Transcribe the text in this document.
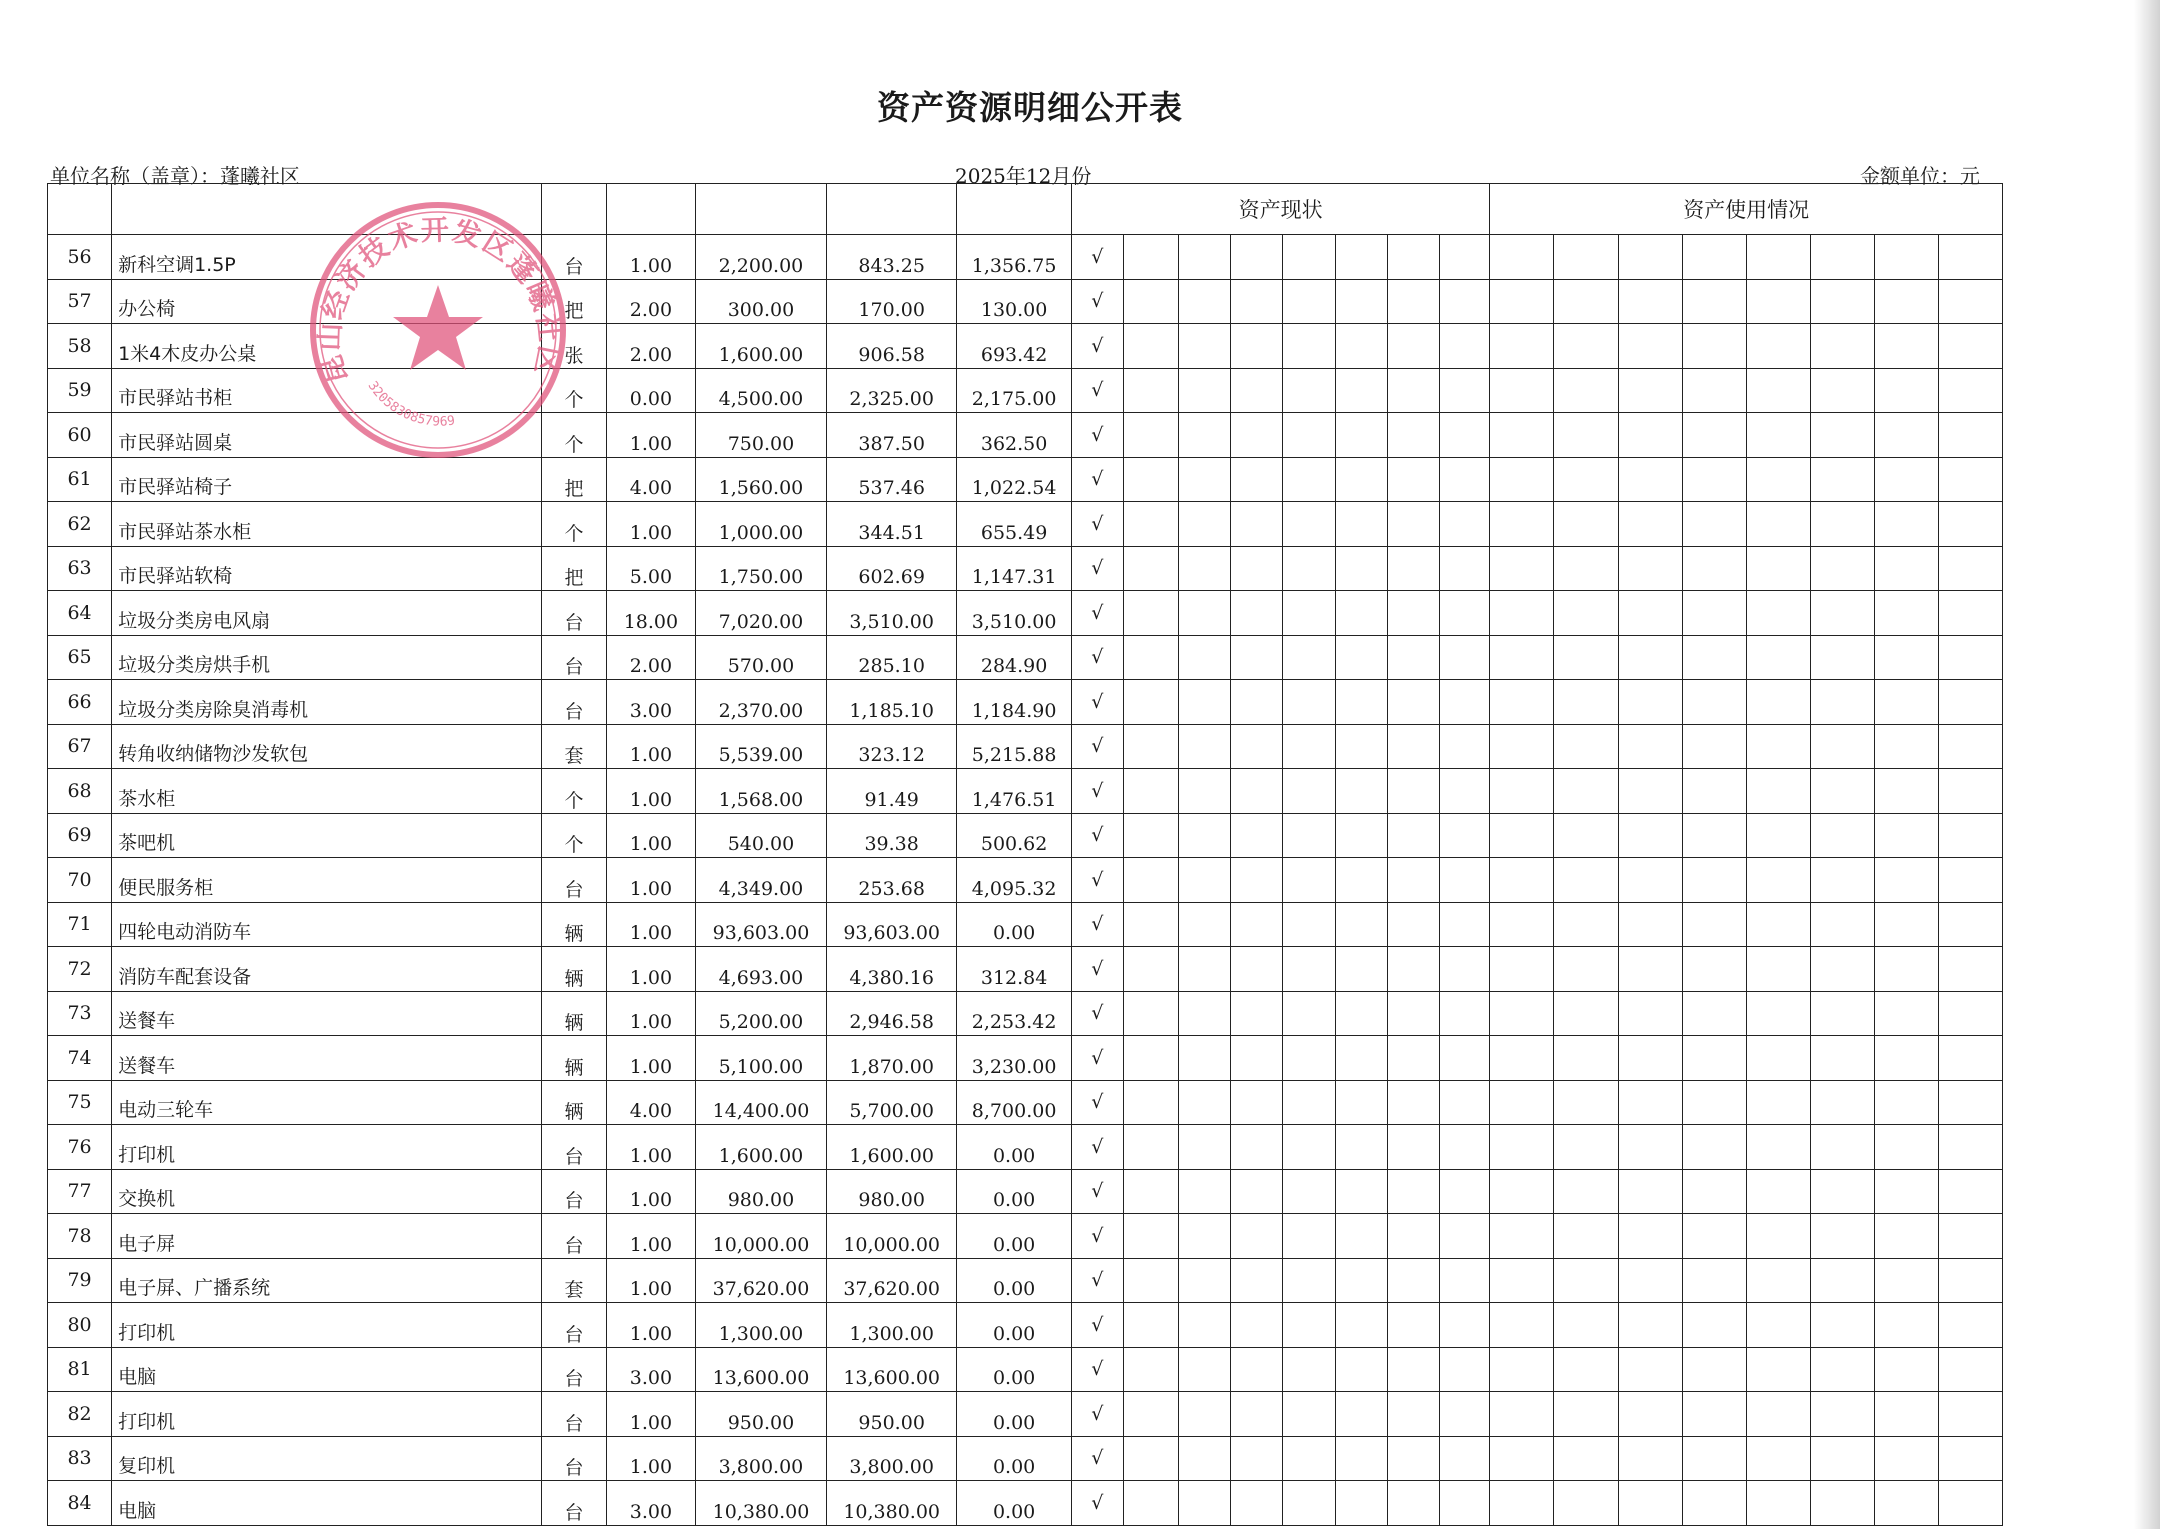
资产资源明细公开表
单位名称（盖章）：蓬曦社区	2025年12月份	金额单位：元
							资产现状								资产使用情况							
56	新科空调1.5P	台	1.00	2,200.00	843.25	1,356.75	√															
57	办公椅	把	2.00	300.00	170.00	130.00	√															
58	1米4木皮办公桌	张	2.00	1,600.00	906.58	693.42	√															
59	市民驿站书柜	个	0.00	4,500.00	2,325.00	2,175.00	√															
60	市民驿站圆桌	个	1.00	750.00	387.50	362.50	√															
61	市民驿站椅子	把	4.00	1,560.00	537.46	1,022.54	√															
62	市民驿站茶水柜	个	1.00	1,000.00	344.51	655.49	√															
63	市民驿站软椅	把	5.00	1,750.00	602.69	1,147.31	√															
64	垃圾分类房电风扇	台	18.00	7,020.00	3,510.00	3,510.00	√															
65	垃圾分类房烘手机	台	2.00	570.00	285.10	284.90	√															
66	垃圾分类房除臭消毒机	台	3.00	2,370.00	1,185.10	1,184.90	√															
67	转角收纳储物沙发软包	套	1.00	5,539.00	323.12	5,215.88	√															
68	茶水柜	个	1.00	1,568.00	91.49	1,476.51	√															
69	茶吧机	个	1.00	540.00	39.38	500.62	√															
70	便民服务柜	台	1.00	4,349.00	253.68	4,095.32	√															
71	四轮电动消防车	辆	1.00	93,603.00	93,603.00	0.00	√															
72	消防车配套设备	辆	1.00	4,693.00	4,380.16	312.84	√															
73	送餐车	辆	1.00	5,200.00	2,946.58	2,253.42	√															
74	送餐车	辆	1.00	5,100.00	1,870.00	3,230.00	√															
75	电动三轮车	辆	4.00	14,400.00	5,700.00	8,700.00	√															
76	打印机	台	1.00	1,600.00	1,600.00	0.00	√															
77	交换机	台	1.00	980.00	980.00	0.00	√															
78	电子屏	台	1.00	10,000.00	10,000.00	0.00	√															
79	电子屏、广播系统	套	1.00	37,620.00	37,620.00	0.00	√															
80	打印机	台	1.00	1,300.00	1,300.00	0.00	√															
81	电脑	台	3.00	13,600.00	13,600.00	0.00	√															
82	打印机	台	1.00	950.00	950.00	0.00	√															
83	复印机	台	1.00	3,800.00	3,800.00	0.00	√															
84	电脑	台	3.00	10,380.00	10,380.00	0.00	√															
昆山经济技术开发区蓬曦社区
3205830857969
